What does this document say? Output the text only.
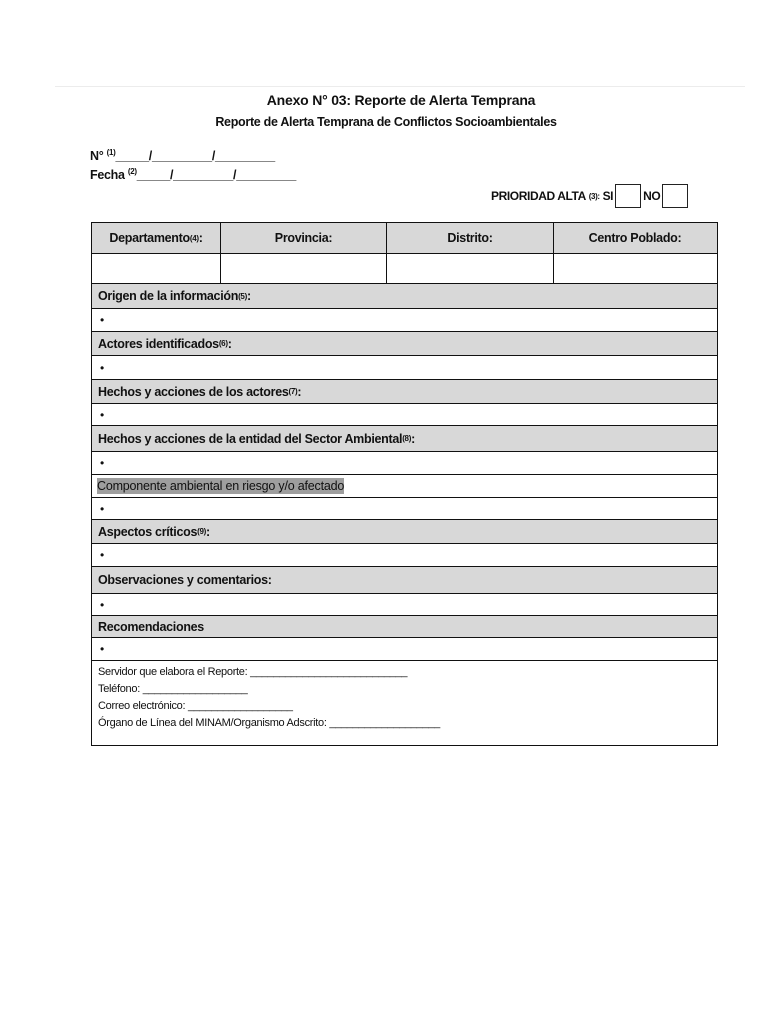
Anexo N° 03: Reporte de Alerta Temprana
Reporte de Alerta Temprana de Conflictos Socioambientales
N° $^{(1)}$_____/_________/_________
Fecha $^{(2)}$_____/_________/_________
PRIORIDAD ALTA
(3):
SI	NO
Departamento (4) :	Provincia:	Distrito:	Centro Poblado:
Origen de la información (5) :
•
Actores identificados (6) :
•
Hechos y acciones de los actores (7) :
•
Hechos y acciones de la entidad del Sector Ambiental (8) :
•
Componente ambiental en riesgo y/o afectado
•
Aspectos críticos (9) :
•
Observaciones y comentarios:
•
Recomendaciones
•
Servidor que elabora el Reporte: ___________________________
Teléfono: __________________
Correo electrónico: __________________
Órgano de Línea del MINAM/Organismo Adscrito: ___________________
